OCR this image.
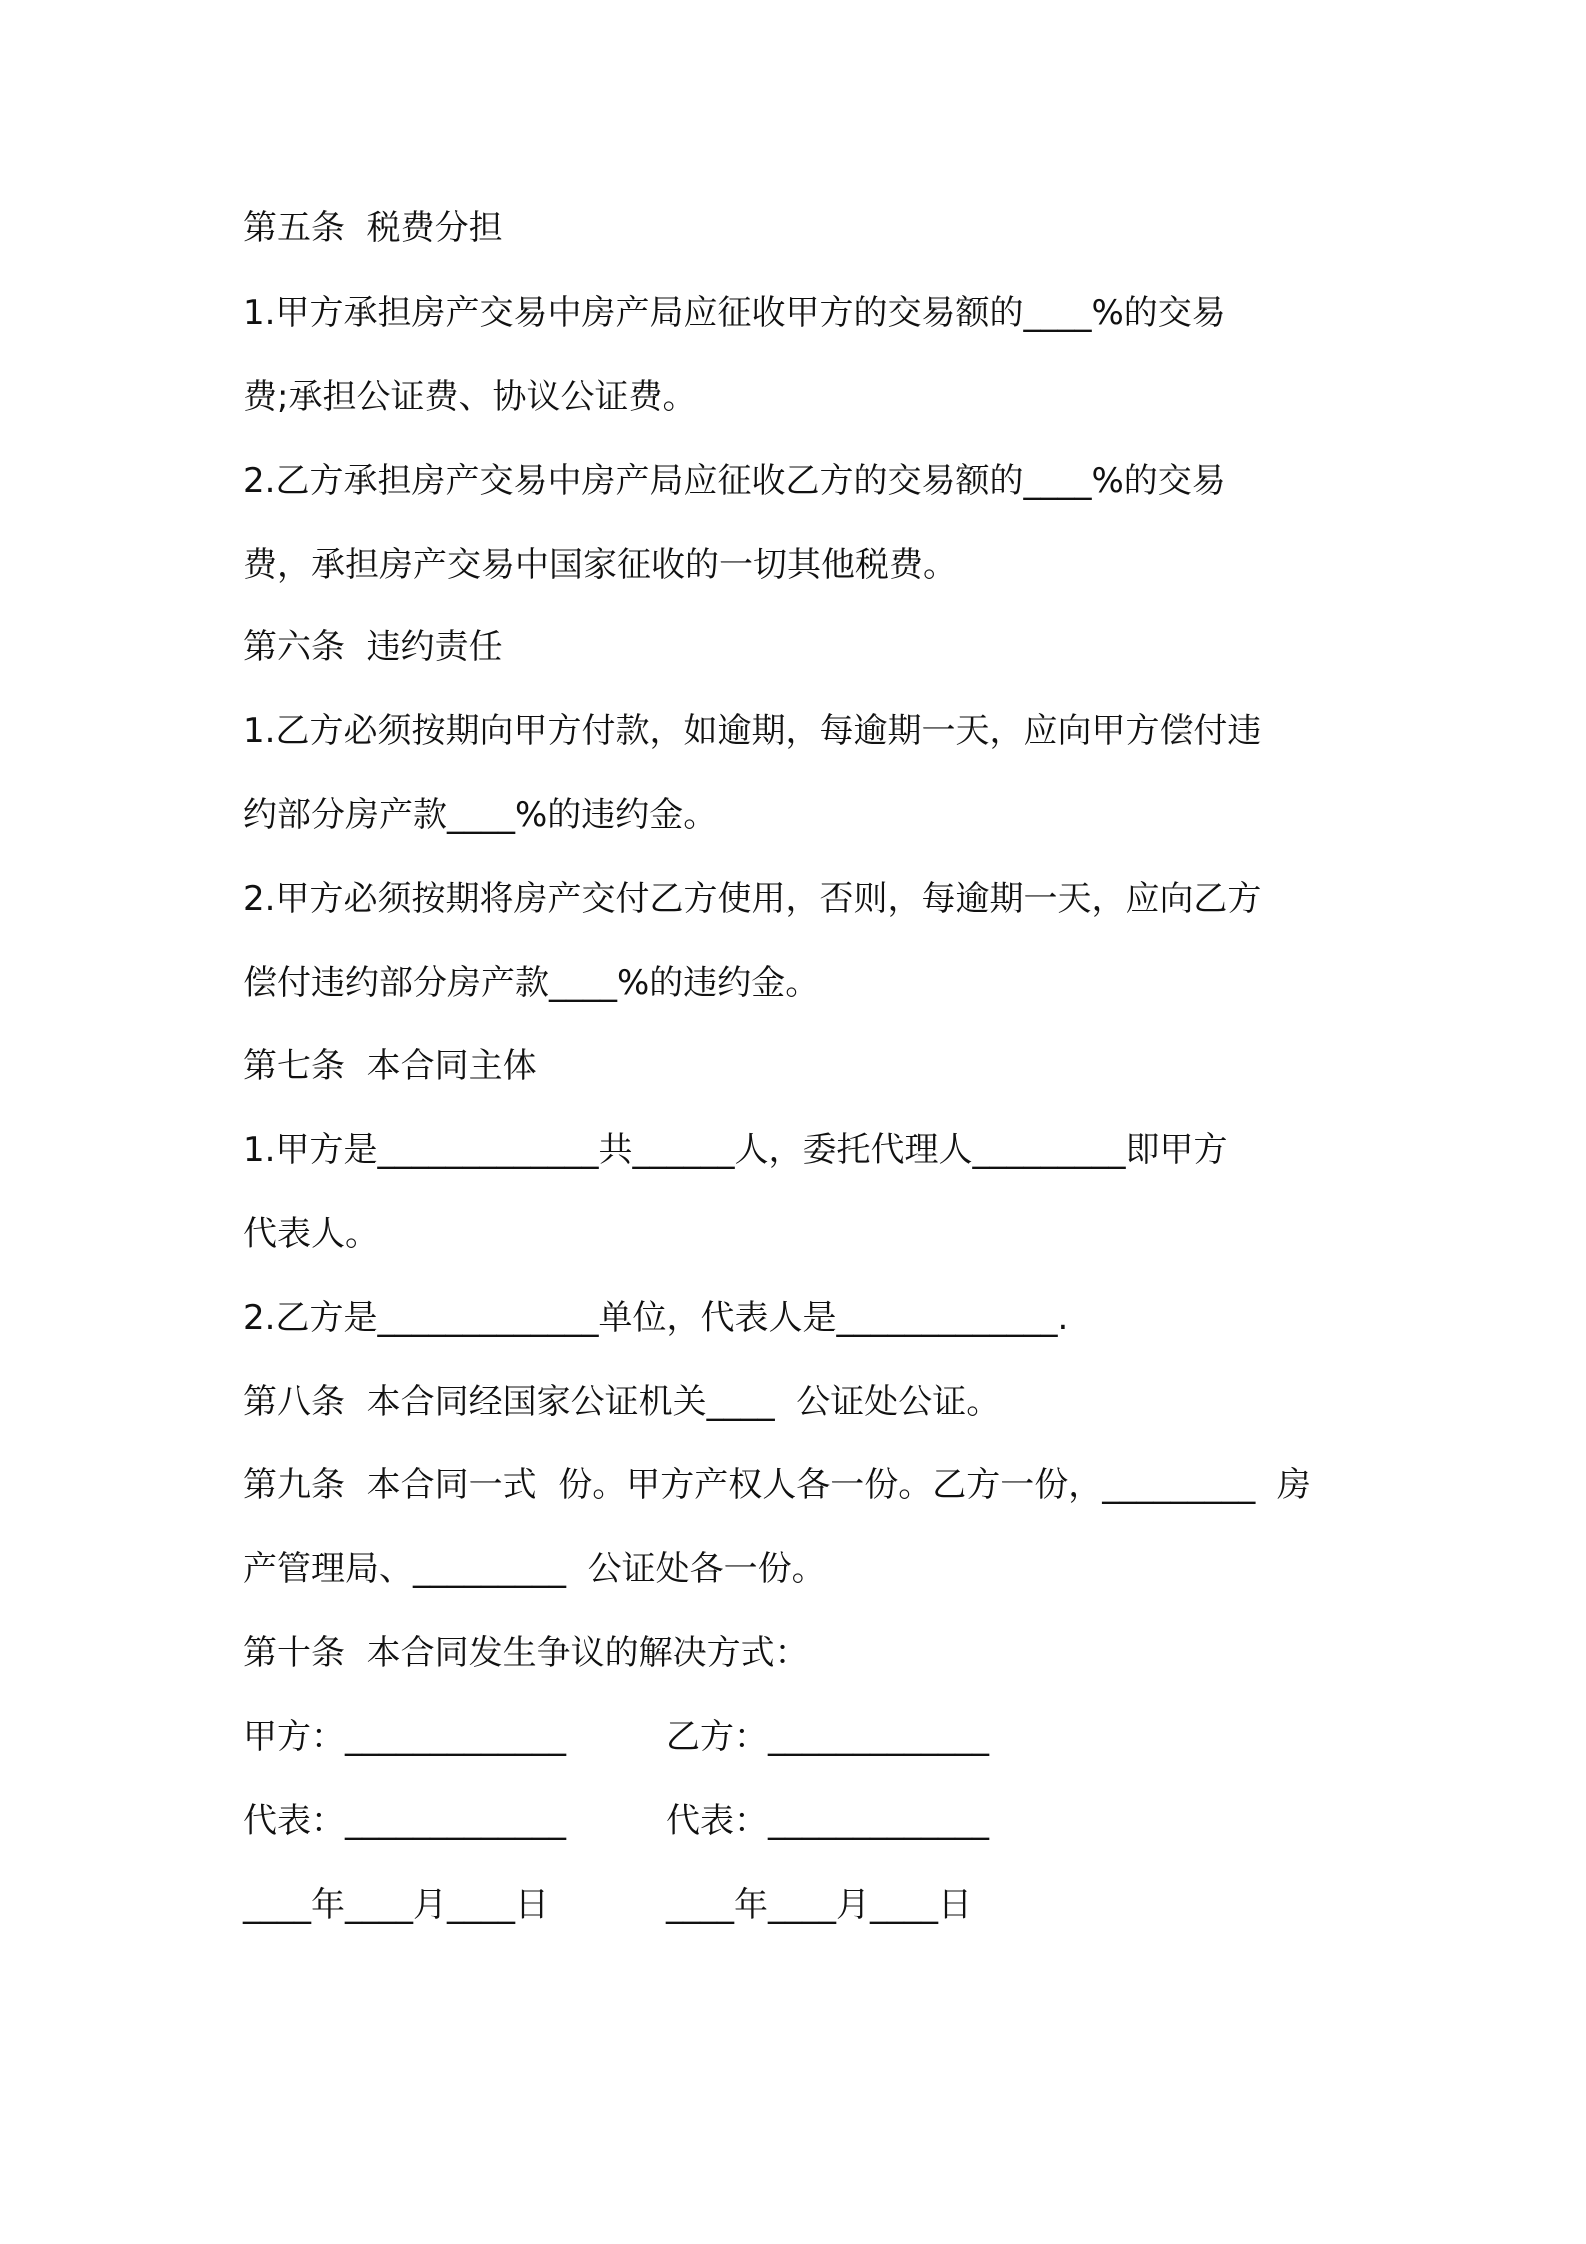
第五条  税费分担
1.甲方承担房产交易中房产局应征收甲方的交易额的____%的交易
费;承担公证费、协议公证费。
2.乙方承担房产交易中房产局应征收乙方的交易额的____%的交易
费，承担房产交易中国家征收的一切其他税费。
第六条  违约责任
1.乙方必须按期向甲方付款，如逾期，每逾期一天，应向甲方偿付违
约部分房产款____%的违约金。
2.甲方必须按期将房产交付乙方使用，否则，每逾期一天，应向乙方
偿付违约部分房产款____%的违约金。
第七条  本合同主体
1.甲方是_____________共______人，委托代理人_________即甲方
代表人。
2.乙方是_____________单位，代表人是_____________.
第八条  本合同经国家公证机关____  公证处公证。
第九条  本合同一式  份。甲方产权人各一份。乙方一份，_________  房
产管理局、_________  公证处各一份。
第十条  本合同发生争议的解决方式：
甲方：_____________	乙方：_____________
代表：_____________	代表：_____________
____年____月____日	____年____月____日
